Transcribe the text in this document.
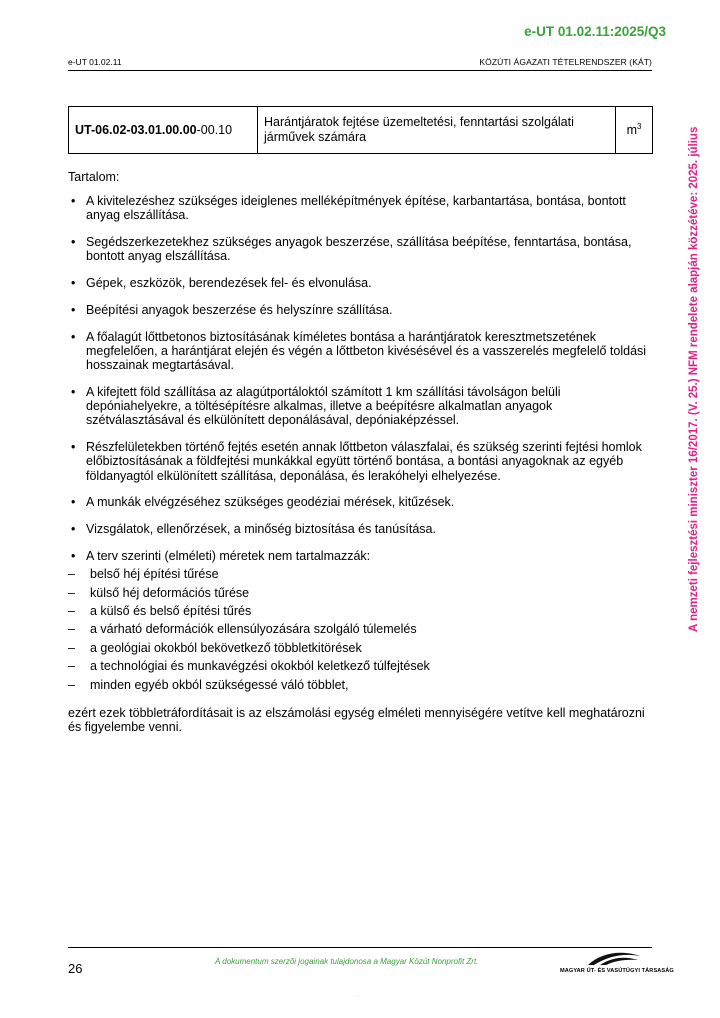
e-UT 01.02.11:2025/Q3
e-UT 01.02.11	KÖZÚTI ÁGAZATI TÉTELRENDSZER (KÁT)
UT-06.02-03.01.00.00-00.10	Harántjáratok fejtése üzemeltetési, fenntartási szolgálati járművek számára	$m^3$

Tartalom:

• A kivitelezéshez szükséges ideiglenes melléképítmények építése, karbantartása, bontása, bontott anyag elszállítása.
• Segédszerkezetekhez szükséges anyagok beszerzése, szállítása beépítése, fenntartása, bontása, bontott anyag elszállítása.
• Gépek, eszközök, berendezések fel- és elvonulása.
• Beépítési anyagok beszerzése és helyszínre szállítása.
• A főalagút lőttbetonos biztosításának kíméletes bontása a harántjáratok keresztmetszetének megfelelően, a harántjárat elején és végén a lőttbeton kivésésével és a vasszerelés megfelelő toldási hosszainak megtartásával.
• A kifejtett föld szállítása az alagútportáloktól számított 1 km szállítási távolságon belüli depóniahelyekre, a töltésépítésre alkalmas, illetve a beépítésre alkalmatlan anyagok szétválasztásával és elkülönített deponálásával, depóniaképzéssel.
• Részfelületekben történő fejtés esetén annak lőttbeton válaszfalai, és szükség szerinti fejtési homlok előbiztosításának a földfejtési munkákkal együtt történő bontása, a bontási anyagoknak az egyéb földanyagtól elkülönített szállítása, deponálása, és lerakóhelyi elhelyezése.
• A munkák elvégzéséhez szükséges geodéziai mérések, kitűzések.
• Vizsgálatok, ellenőrzések, a minőség biztosítása és tanúsítása.
• A terv szerinti (elméleti) méretek nem tartalmazzák:
– belső héj építési tűrése
– külső héj deformációs tűrése
– a külső és belső építési tűrés
– a várható deformációk ellensúlyozására szolgáló túlemelés
– a geológiai okokból bekövetkező többletkitörések
– a technológiai és munkavégzési okokból keletkező túlfejtések
– minden egyéb okból szükségessé váló többlet,

ezért ezek többletráfordításait is az elszámolási egység elméleti mennyiségére vetítve kell meghatározni és figyelembe venni.

A nemzeti fejlesztési miniszter 16/2017. (V. 25.) NFM rendelete alapján közzétéve: 2025. július
26	A dokumentum szerzői jogainak tulajdonosa a Magyar Közút Nonprofit Zrt.
MAGYAR ÚT- ÉS VASÚTÜGYI TÁRSASÁG
·
